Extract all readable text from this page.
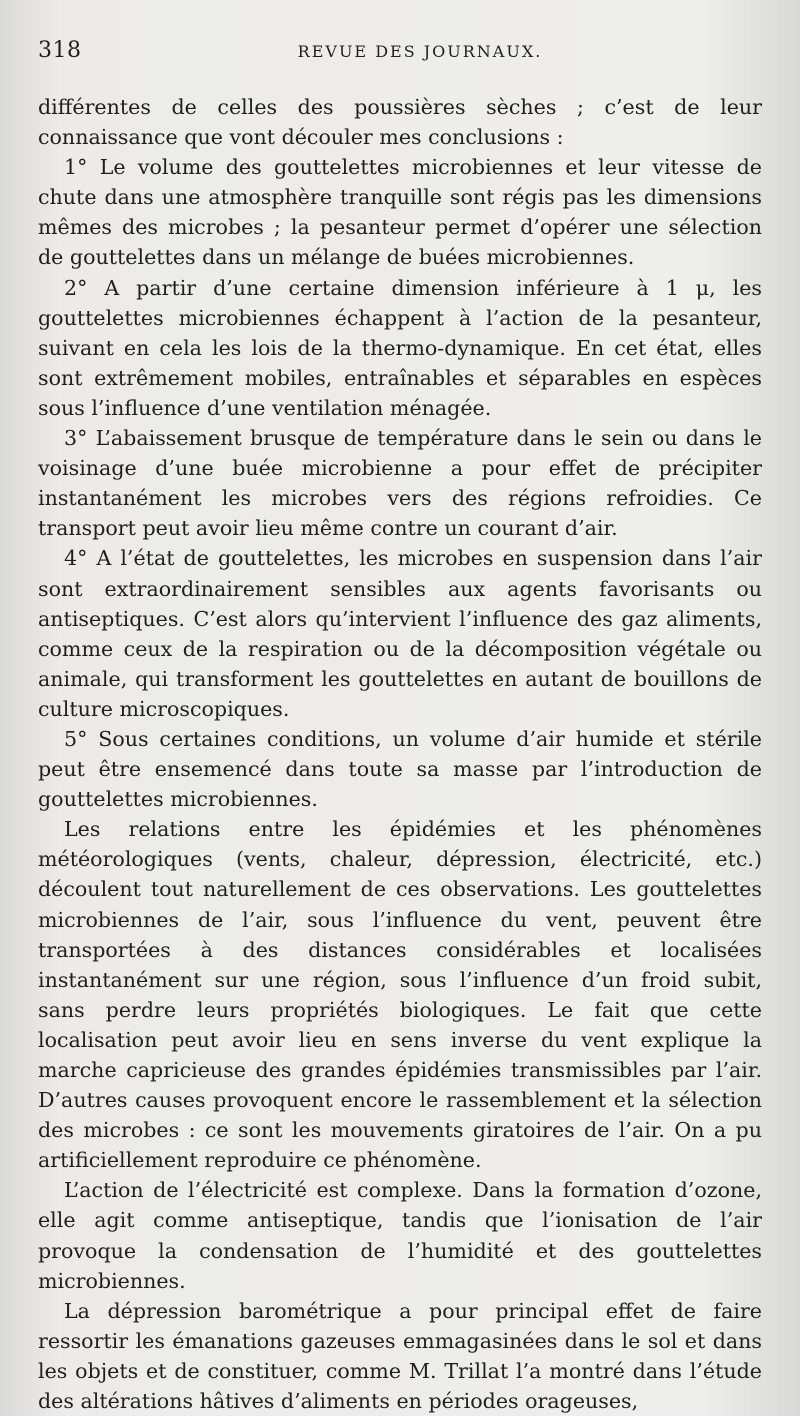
318	REVUE DES JOURNAUX.

différentes de celles des poussières sèches ; c’est de leur connaissance que vont découler mes conclusions :

1° Le volume des gouttelettes microbiennes et leur vitesse de chute dans une atmosphère tranquille sont régis pas les dimensions mêmes des microbes ; la pesanteur permet d’opérer une sélection de gouttelettes dans un mélange de buées microbiennes.

2° A partir d’une certaine dimension inférieure à 1 μ, les gouttelettes microbiennes échappent à l’action de la pesanteur, suivant en cela les lois de la thermo-dynamique. En cet état, elles sont extrêmement mobiles, entraînables et séparables en espèces sous l’influence d’une ventilation ménagée.

3° L’abaissement brusque de température dans le sein ou dans le voisinage d’une buée microbienne a pour effet de précipiter instantanément les microbes vers des régions refroidies. Ce transport peut avoir lieu même contre un courant d’air.

4° A l’état de gouttelettes, les microbes en suspension dans l’air sont extraordinairement sensibles aux agents favorisants ou antiseptiques. C’est alors qu’intervient l’influence des gaz aliments, comme ceux de la respiration ou de la décomposition végétale ou animale, qui transforment les gouttelettes en autant de bouillons de culture microscopiques.

5° Sous certaines conditions, un volume d’air humide et stérile peut être ensemencé dans toute sa masse par l’introduction de gouttelettes microbiennes.

Les relations entre les épidémies et les phénomènes météorologiques (vents, chaleur, dépression, électricité, etc.) découlent tout naturellement de ces observations. Les gouttelettes microbiennes de l’air, sous l’influence du vent, peuvent être transportées à des distances considérables et localisées instantanément sur une région, sous l’influence d’un froid subit, sans perdre leurs propriétés biologiques. Le fait que cette localisation peut avoir lieu en sens inverse du vent explique la marche capricieuse des grandes épidémies transmissibles par l’air. D’autres causes provoquent encore le rassemblement et la sélection des microbes : ce sont les mouvements giratoires de l’air. On a pu artificiellement reproduire ce phénomène.

L’action de l’électricité est complexe. Dans la formation d’ozone, elle agit comme antiseptique, tandis que l’ionisation de l’air provoque la condensation de l’humidité et des gouttelettes microbiennes.

La dépression barométrique a pour principal effet de faire ressortir les émanations gazeuses emmagasinées dans le sol et dans les objets et de constituer, comme M. Trillat l’a montré dans l’étude des altérations hâtives d’aliments en périodes orageuses,
